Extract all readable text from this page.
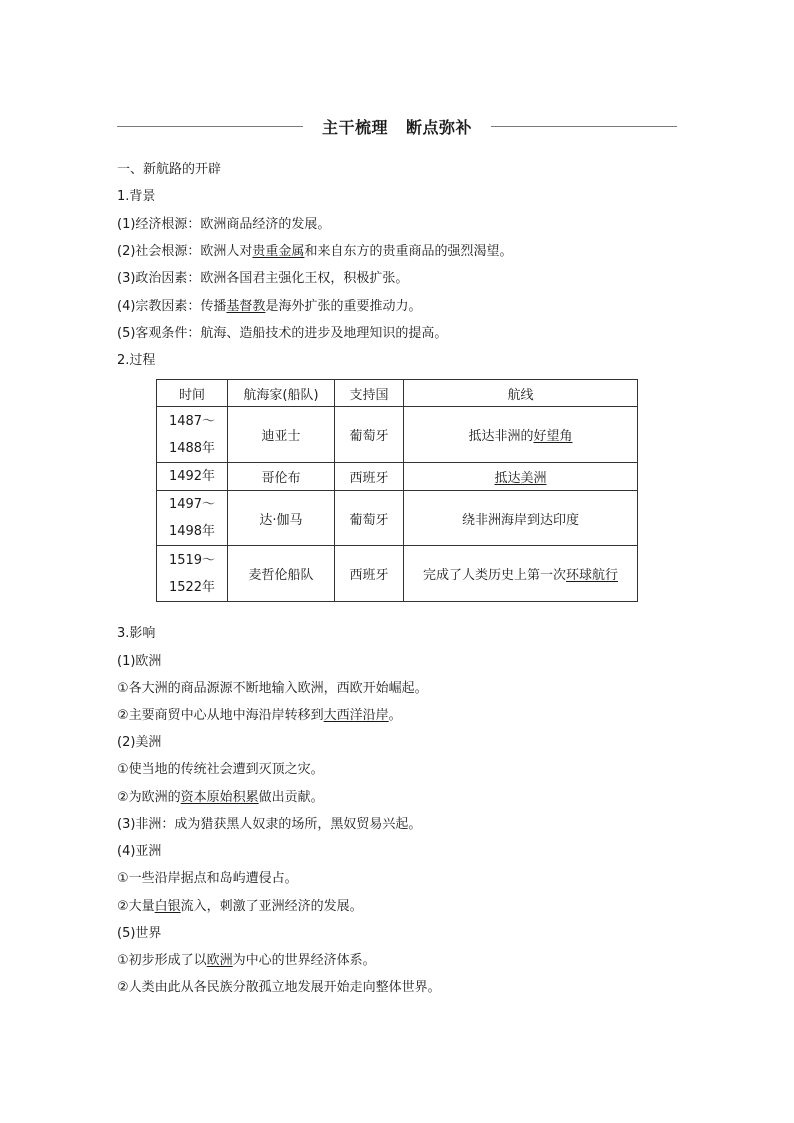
主干梳理 断点弥补
一、新航路的开辟
1.背景
(1)经济根源：欧洲商品经济的发展。
(2)社会根源：欧洲人对贵重金属和来自东方的贵重商品的强烈渴望。
(3)政治因素：欧洲各国君主强化王权，积极扩张。
(4)宗教因素：传播基督教是海外扩张的重要推动力。
(5)客观条件：航海、造船技术的进步及地理知识的提高。
2.过程
时间	航海家(船队)	支持国	航线

1487～
1488年	迪亚士	葡萄牙	抵达非洲的好望角

1492年	哥伦布	西班牙	抵达美洲

1497～
1498年	达·伽马	葡萄牙	绕非洲海岸到达印度

1519～
1522年	麦哲伦船队	西班牙	完成了人类历史上第一次环球航行
3.影响
(1)欧洲
①各大洲的商品源源不断地输入欧洲，西欧开始崛起。
②主要商贸中心从地中海沿岸转移到大西洋沿岸。
(2)美洲
①使当地的传统社会遭到灭顶之灾。
②为欧洲的资本原始积累做出贡献。
(3)非洲：成为猎获黑人奴隶的场所，黑奴贸易兴起。
(4)亚洲
①一些沿岸据点和岛屿遭侵占。
②大量白银流入，刺激了亚洲经济的发展。
(5)世界
①初步形成了以欧洲为中心的世界经济体系。
②人类由此从各民族分散孤立地发展开始走向整体世界。
